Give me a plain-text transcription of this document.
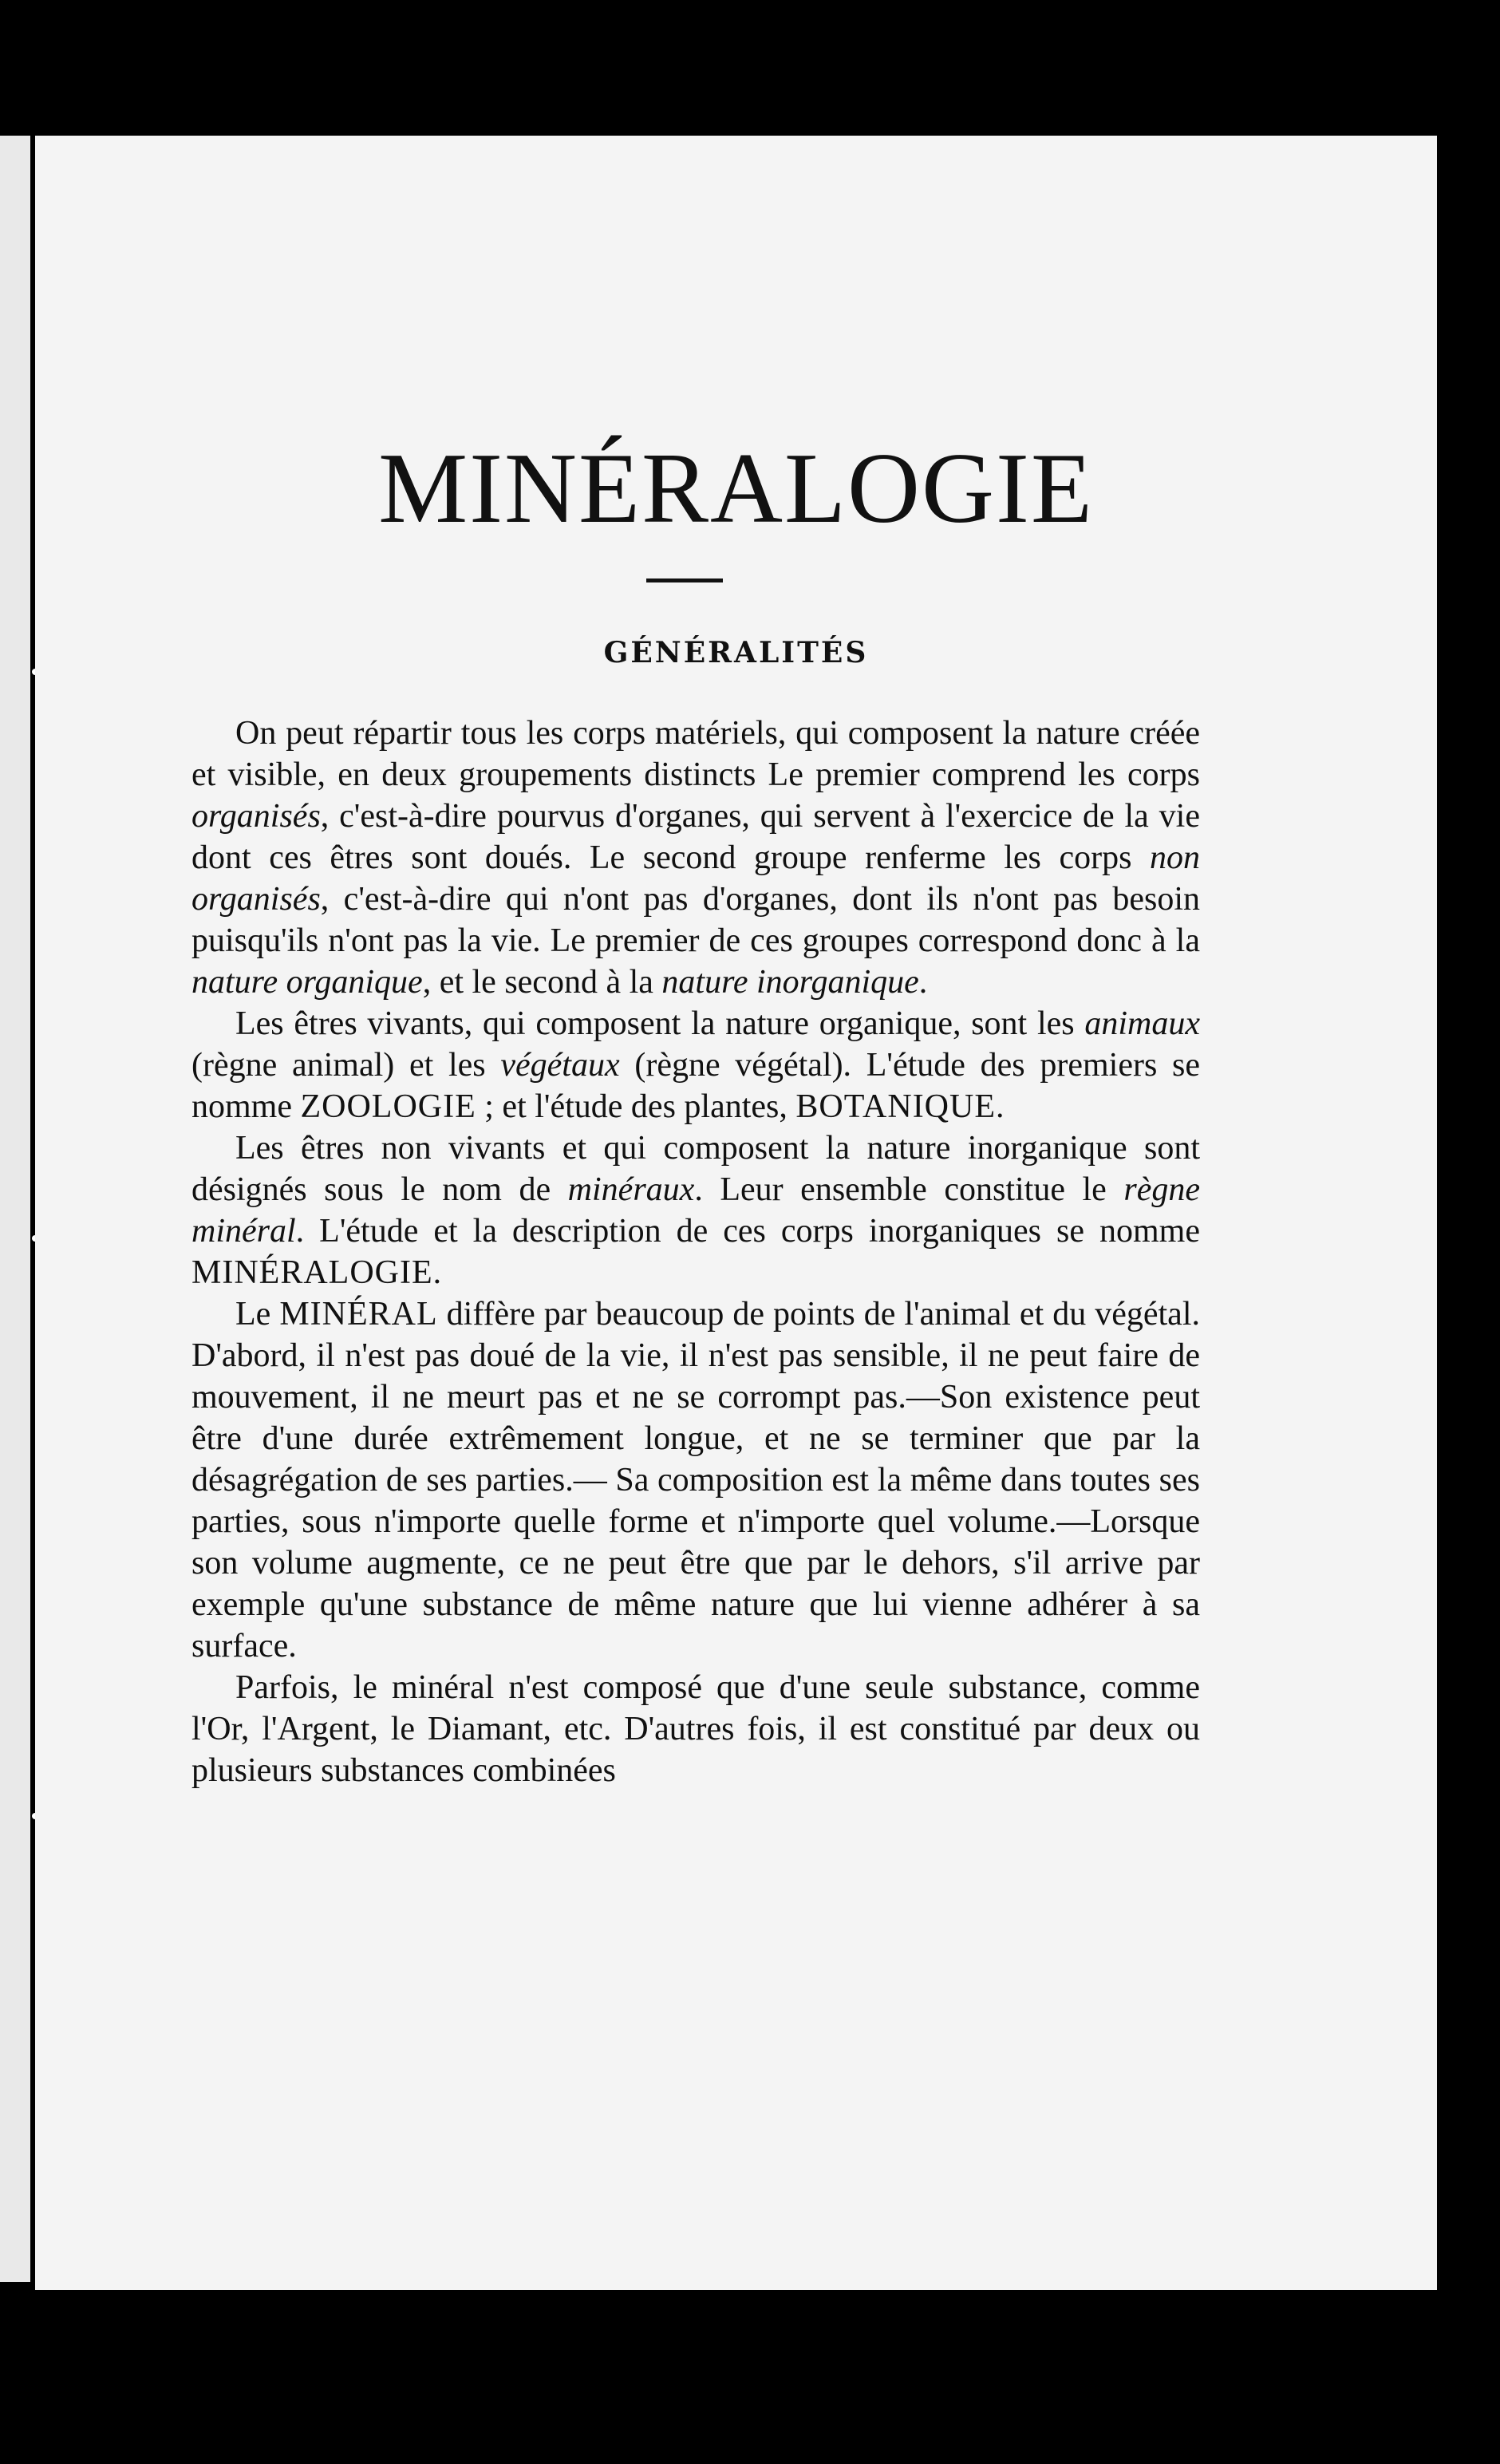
MINÉRALOGIE
GÉNÉRALITÉS

On peut répartir tous les corps matériels, qui composent la nature créée et visible, en deux groupements distincts Le premier comprend les corps organisés, c'est-à-dire pourvus d'organes, qui servent à l'exercice de la vie dont ces êtres sont doués. Le second groupe renferme les corps non organisés, c'est-à-dire qui n'ont pas d'organes, dont ils n'ont pas besoin puisqu'ils n'ont pas la vie. Le premier de ces groupes correspond donc à la nature organique, et le second à la nature inorganique.

Les êtres vivants, qui composent la nature organique, sont les animaux (règne animal) et les végétaux (règne végétal). L'étude des premiers se nomme ZOOLOGIE ; et l'étude des plantes, BOTANIQUE.

Les êtres non vivants et qui composent la nature inorganique sont désignés sous le nom de minéraux. Leur ensemble constitue le règne minéral. L'étude et la description de ces corps inorganiques se nomme MINÉRALOGIE.

Le MINÉRAL diffère par beaucoup de points de l'animal et du végétal. D'abord, il n'est pas doué de la vie, il n'est pas sensible, il ne peut faire de mouvement, il ne meurt pas et ne se corrompt pas.—Son existence peut être d'une durée extrêmement longue, et ne se terminer que par la désagrégation de ses parties.— Sa composition est la même dans toutes ses parties, sous n'importe quelle forme et n'importe quel volume.—Lorsque son volume augmente, ce ne peut être que par le dehors, s'il arrive par exemple qu'une substance de même nature que lui vienne adhérer à sa surface.

Parfois, le minéral n'est composé que d'une seule substance, comme l'Or, l'Argent, le Diamant, etc. D'autres fois, il est constitué par deux ou plusieurs substances combinées
